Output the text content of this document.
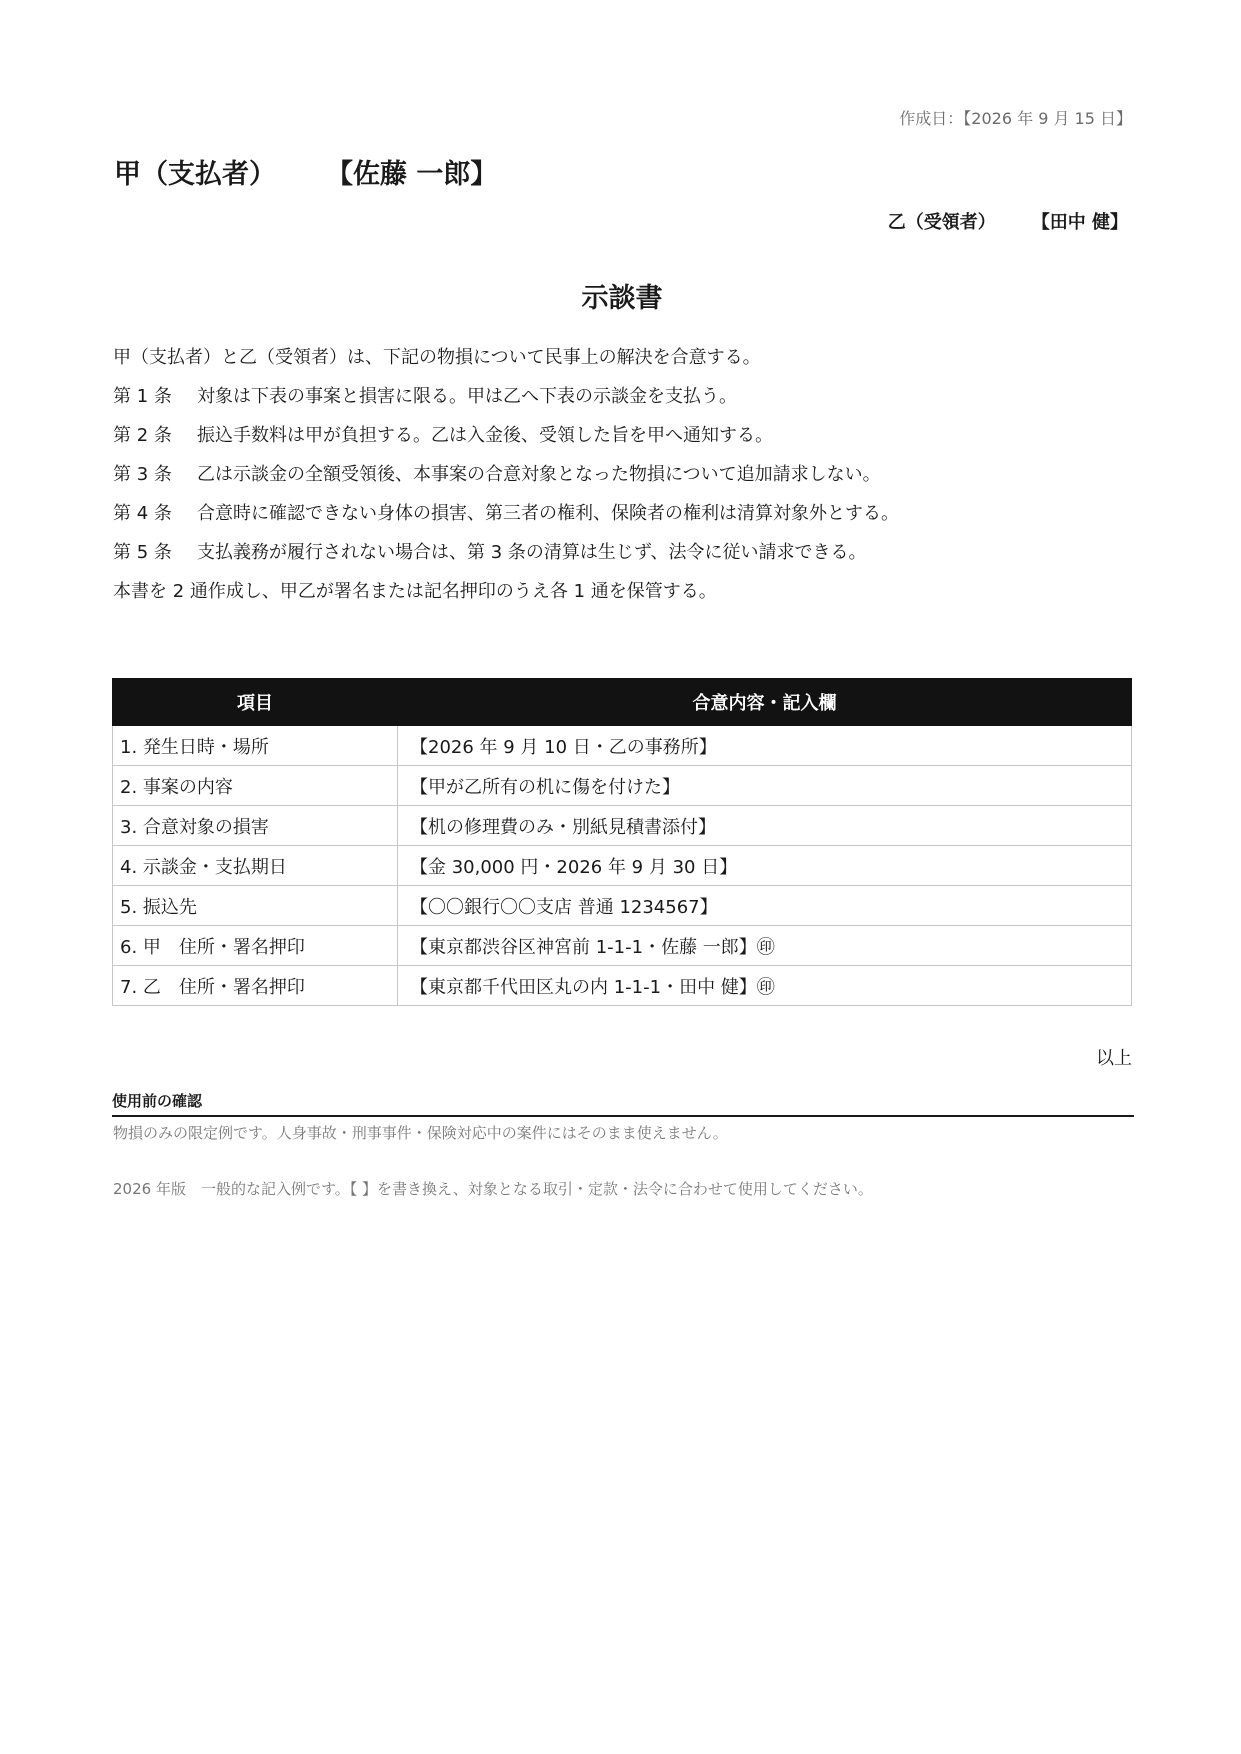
作成日：【2026 年 9 月 15 日】
甲（支払者） 【佐藤 一郎】
乙（受領者） 【田中 健】
示談書
甲（支払者）と乙（受領者）は、下記の物損について民事上の解決を合意する。
第 1 条 対象は下表の事案と損害に限る。甲は乙へ下表の示談金を支払う。
第 2 条 振込手数料は甲が負担する。乙は入金後、受領した旨を甲へ通知する。
第 3 条 乙は示談金の全額受領後、本事案の合意対象となった物損について追加請求しない。
第 4 条 合意時に確認できない身体の損害、第三者の権利、保険者の権利は清算対象外とする。
第 5 条 支払義務が履行されない場合は、第 3 条の清算は生じず、法令に従い請求できる。
本書を 2 通作成し、甲乙が署名または記名押印のうえ各 1 通を保管する。
項目	合意内容・記入欄
1. 発生日時・場所	【2026 年 9 月 10 日・乙の事務所】
2. 事案の内容	【甲が乙所有の机に傷を付けた】
3. 合意対象の損害	【机の修理費のみ・別紙見積書添付】
4. 示談金・支払期日	【金 30,000 円・2026 年 9 月 30 日】
5. 振込先	【〇〇銀行〇〇支店 普通 1234567】
6. 甲　住所・署名押印	【東京都渋谷区神宮前 1-1-1・佐藤 一郎】㊞
7. 乙　住所・署名押印	【東京都千代田区丸の内 1-1-1・田中 健】㊞
以上
使用前の確認
物損のみの限定例です。人身事故・刑事事件・保険対応中の案件にはそのまま使えません。
2026 年版　一般的な記入例です。【 】を書き換え、対象となる取引・定款・法令に合わせて使用してください。
